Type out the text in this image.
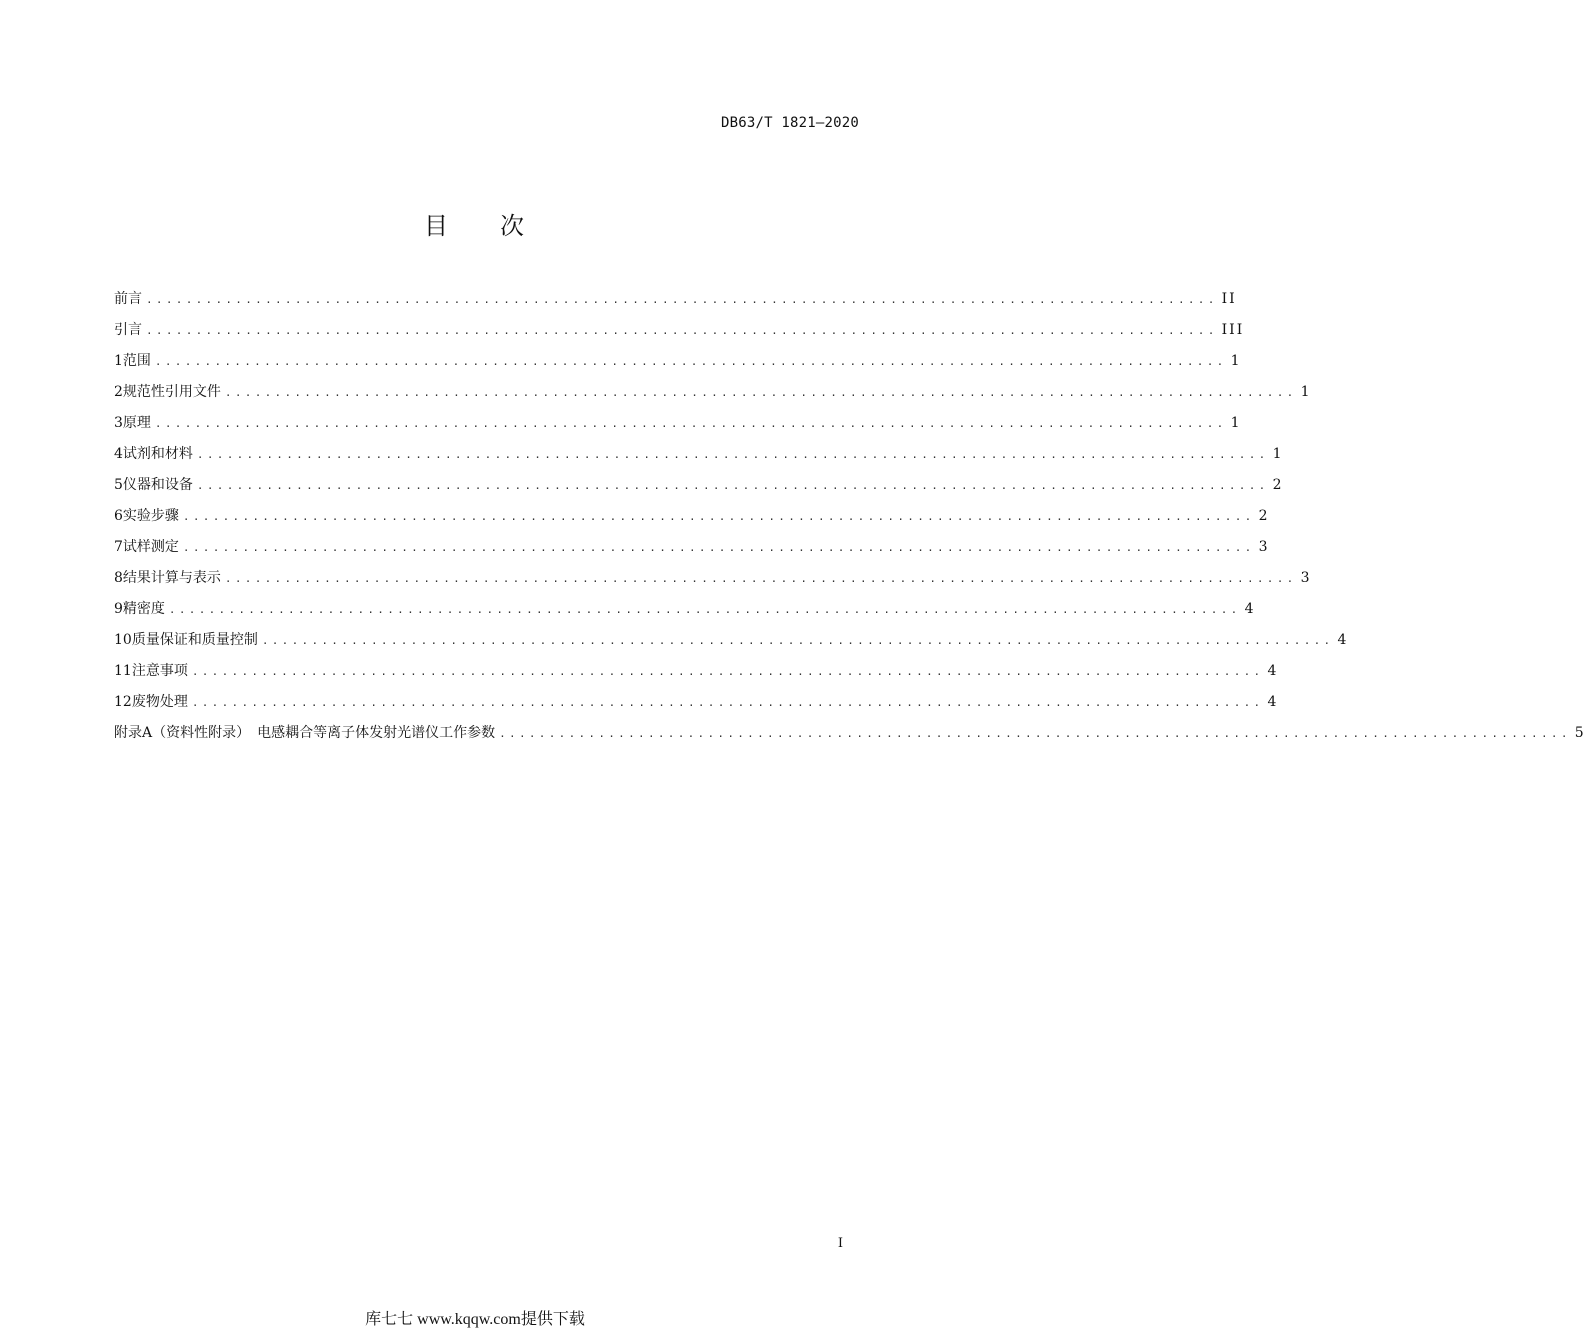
DB63/T 1821—2020
目 次
前言 ............................................................................................................ II
引言 ............................................................................................................ III
1 范围 ............................................................................................................ 1
2 规范性引用文件 ............................................................................................................ 1
3 原理 ............................................................................................................ 1
4 试剂和材料 ............................................................................................................ 1
5 仪器和设备 ............................................................................................................ 2
6 实验步骤 ............................................................................................................ 2
7 试样测定 ............................................................................................................ 3
8 结果计算与表示 ............................................................................................................ 3
9 精密度 ............................................................................................................ 4
10 质量保证和质量控制 ............................................................................................................ 4
11 注意事项 ............................................................................................................ 4
12 废物处理 ............................................................................................................ 4
附录A（资料性附录）　电感耦合等离子体发射光谱仪工作参数 ............................................................................................................ 5
I
库七七 www.kqqw.com提供下载
